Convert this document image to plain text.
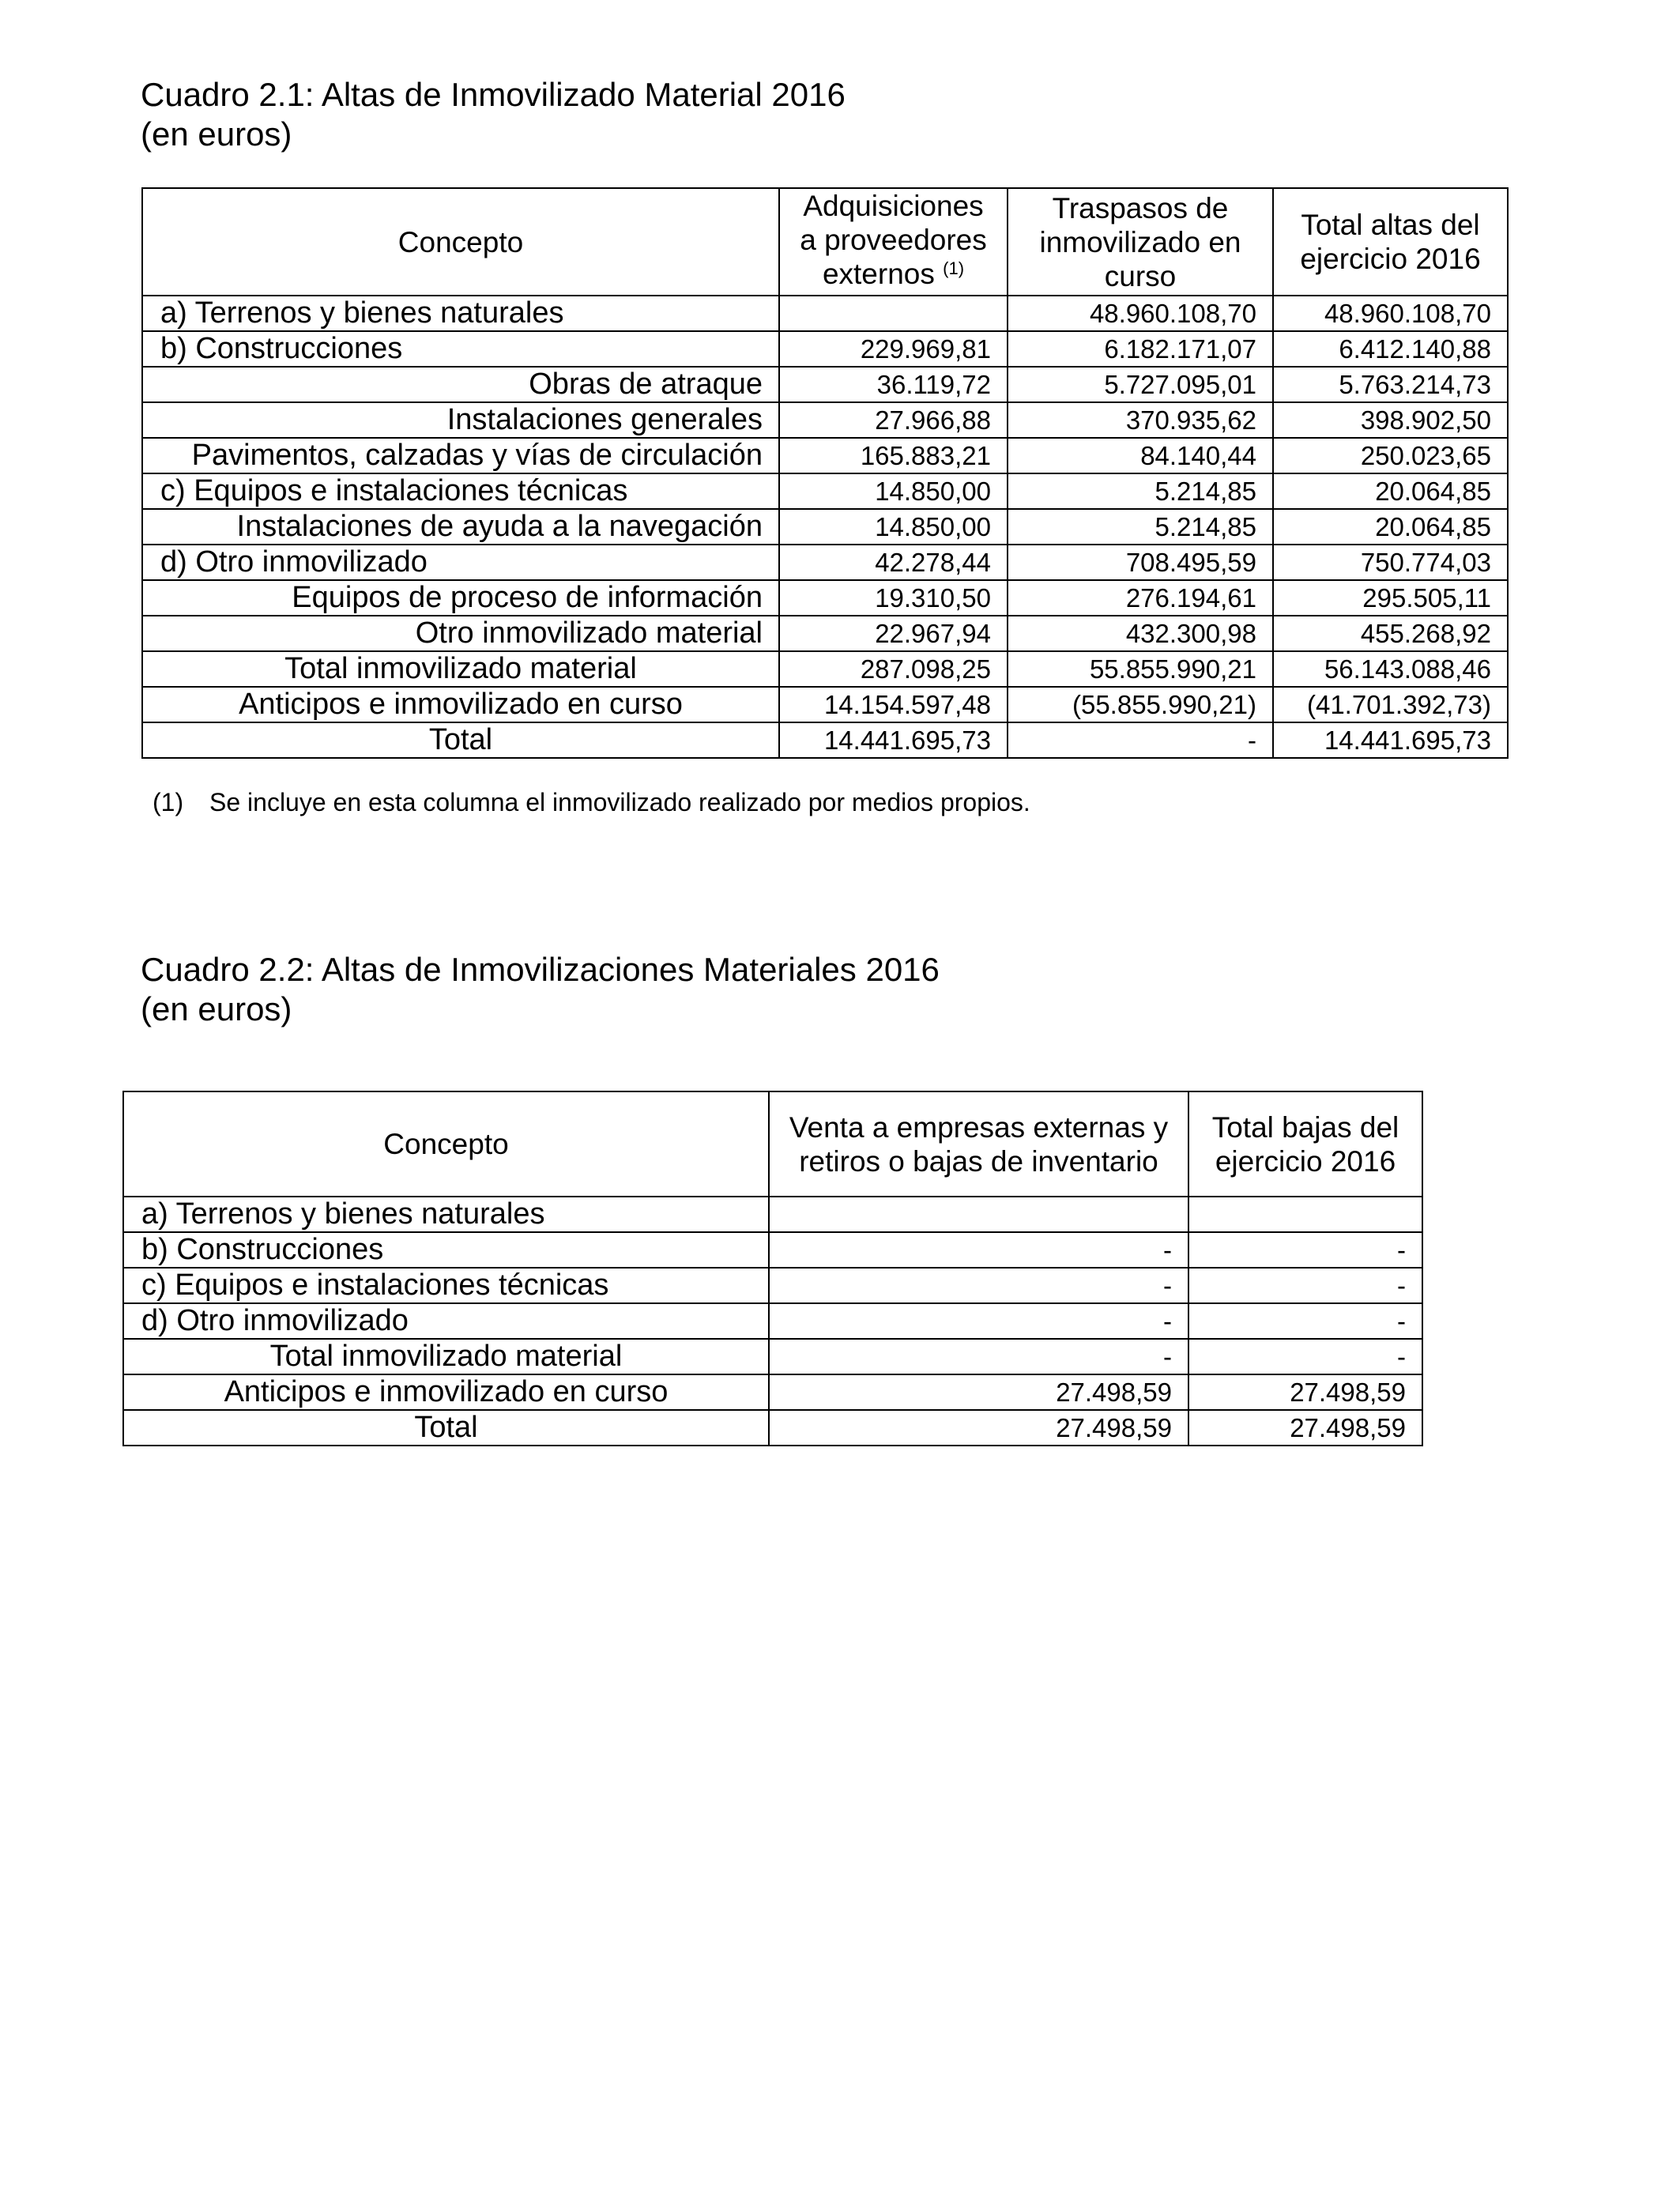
Cuadro 2.1: Altas de Inmovilizado Material 2016
(en euros)
Concepto	Adquisiciones a proveedores externos $^{(1)}$	Traspasos de inmovilizado en curso	Total altas del ejercicio 2016
a) Terrenos y bienes naturales		48.960.108,70	48.960.108,70
b) Construcciones	229.969,81	6.182.171,07	6.412.140,88
Obras de atraque	36.119,72	5.727.095,01	5.763.214,73
Instalaciones generales	27.966,88	370.935,62	398.902,50
Pavimentos, calzadas y vías de circulación	165.883,21	84.140,44	250.023,65
c) Equipos e instalaciones técnicas	14.850,00	5.214,85	20.064,85
Instalaciones de ayuda a la navegación	14.850,00	5.214,85	20.064,85
d) Otro inmovilizado	42.278,44	708.495,59	750.774,03
Equipos de proceso de información	19.310,50	276.194,61	295.505,11
Otro inmovilizado material	22.967,94	432.300,98	455.268,92
Total inmovilizado material	287.098,25	55.855.990,21	56.143.088,46
Anticipos e inmovilizado en curso	14.154.597,48	(55.855.990,21)	(41.701.392,73)
Total	14.441.695,73	-	14.441.695,73
(1) Se incluye en esta columna el inmovilizado realizado por medios propios.
Cuadro 2.2: Altas de Inmovilizaciones Materiales 2016
(en euros)
Concepto	Venta a empresas externas y retiros o bajas de inventario	Total bajas del ejercicio 2016
a) Terrenos y bienes naturales		
b) Construcciones	-	-
c) Equipos e instalaciones técnicas	-	-
d) Otro inmovilizado	-	-
Total inmovilizado material	-	-
Anticipos e inmovilizado en curso	27.498,59	27.498,59
Total	27.498,59	27.498,59
